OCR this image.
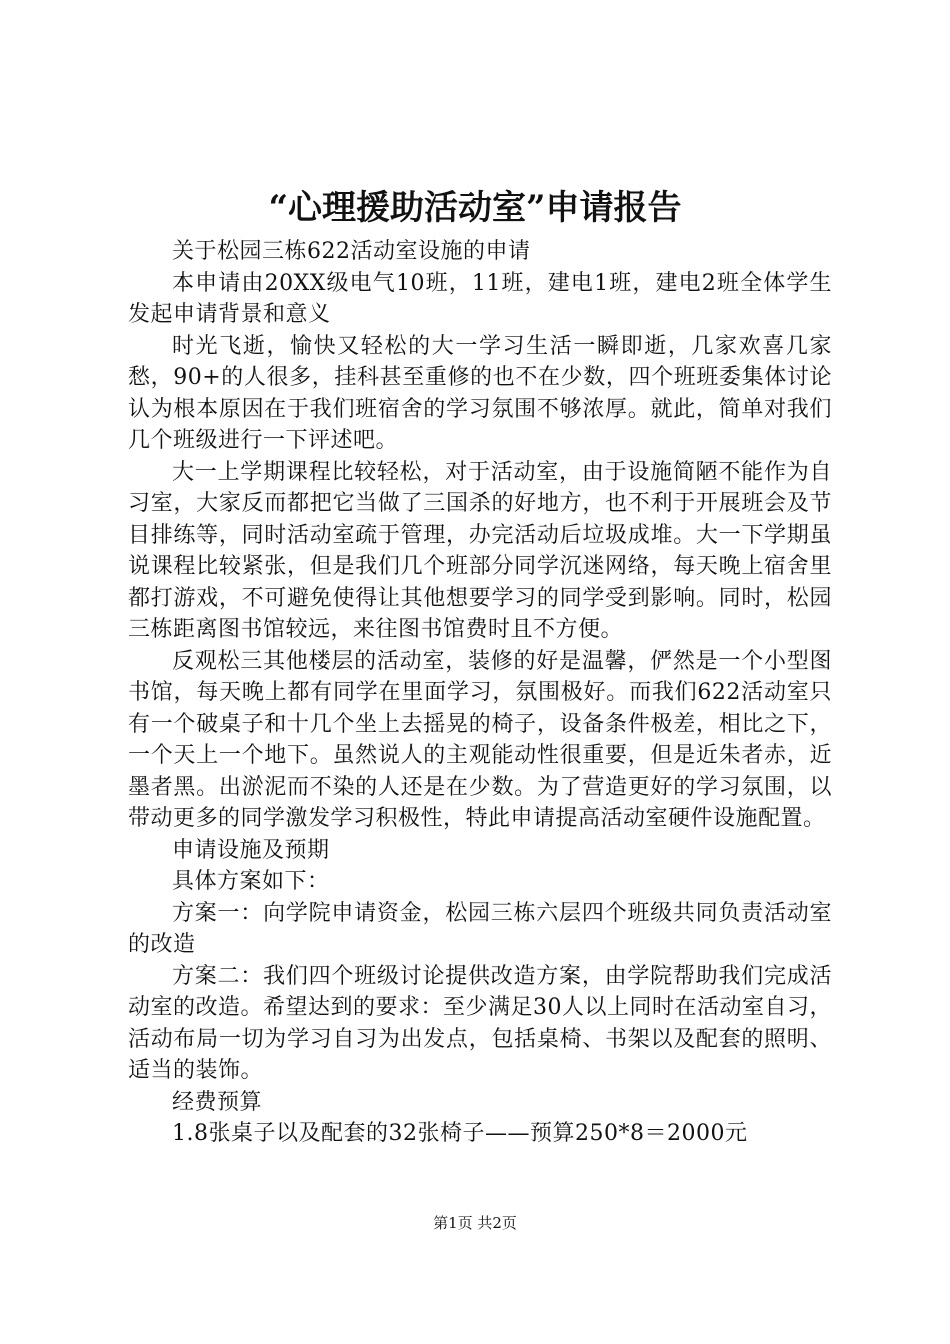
“心理援助活动室”申请报告

关于松园三栋622活动室设施的申请

本申请由20XX级电气10班，11班，建电1班，建电2班全体学生发起申请背景和意义

时光飞逝，愉快又轻松的大一学习生活一瞬即逝，几家欢喜几家愁，90+的人很多，挂科甚至重修的也不在少数，四个班班委集体讨论认为根本原因在于我们班宿舍的学习氛围不够浓厚。就此，简单对我们几个班级进行一下评述吧。

大一上学期课程比较轻松，对于活动室，由于设施简陋不能作为自习室，大家反而都把它当做了三国杀的好地方，也不利于开展班会及节目排练等，同时活动室疏于管理，办完活动后垃圾成堆。大一下学期虽说课程比较紧张，但是我们几个班部分同学沉迷网络，每天晚上宿舍里都打游戏，不可避免使得让其他想要学习的同学受到影响。同时，松园三栋距离图书馆较远，来往图书馆费时且不方便。

反观松三其他楼层的活动室，装修的好是温馨，俨然是一个小型图书馆，每天晚上都有同学在里面学习，氛围极好。而我们622活动室只有一个破桌子和十几个坐上去摇晃的椅子，设备条件极差，相比之下，一个天上一个地下。虽然说人的主观能动性很重要，但是近朱者赤，近墨者黑。出淤泥而不染的人还是在少数。为了营造更好的学习氛围，以带动更多的同学激发学习积极性，特此申请提高活动室硬件设施配置。

申请设施及预期

具体方案如下：

方案一：向学院申请资金，松园三栋六层四个班级共同负责活动室的改造

方案二：我们四个班级讨论提供改造方案，由学院帮助我们完成活动室的改造。希望达到的要求：至少满足30人以上同时在活动室自习，活动布局一切为学习自习为出发点，包括桌椅、书架以及配套的照明、适当的装饰。

经费预算

1.8张桌子以及配套的32张椅子——预算250*8＝2000元

第1页 共2页
